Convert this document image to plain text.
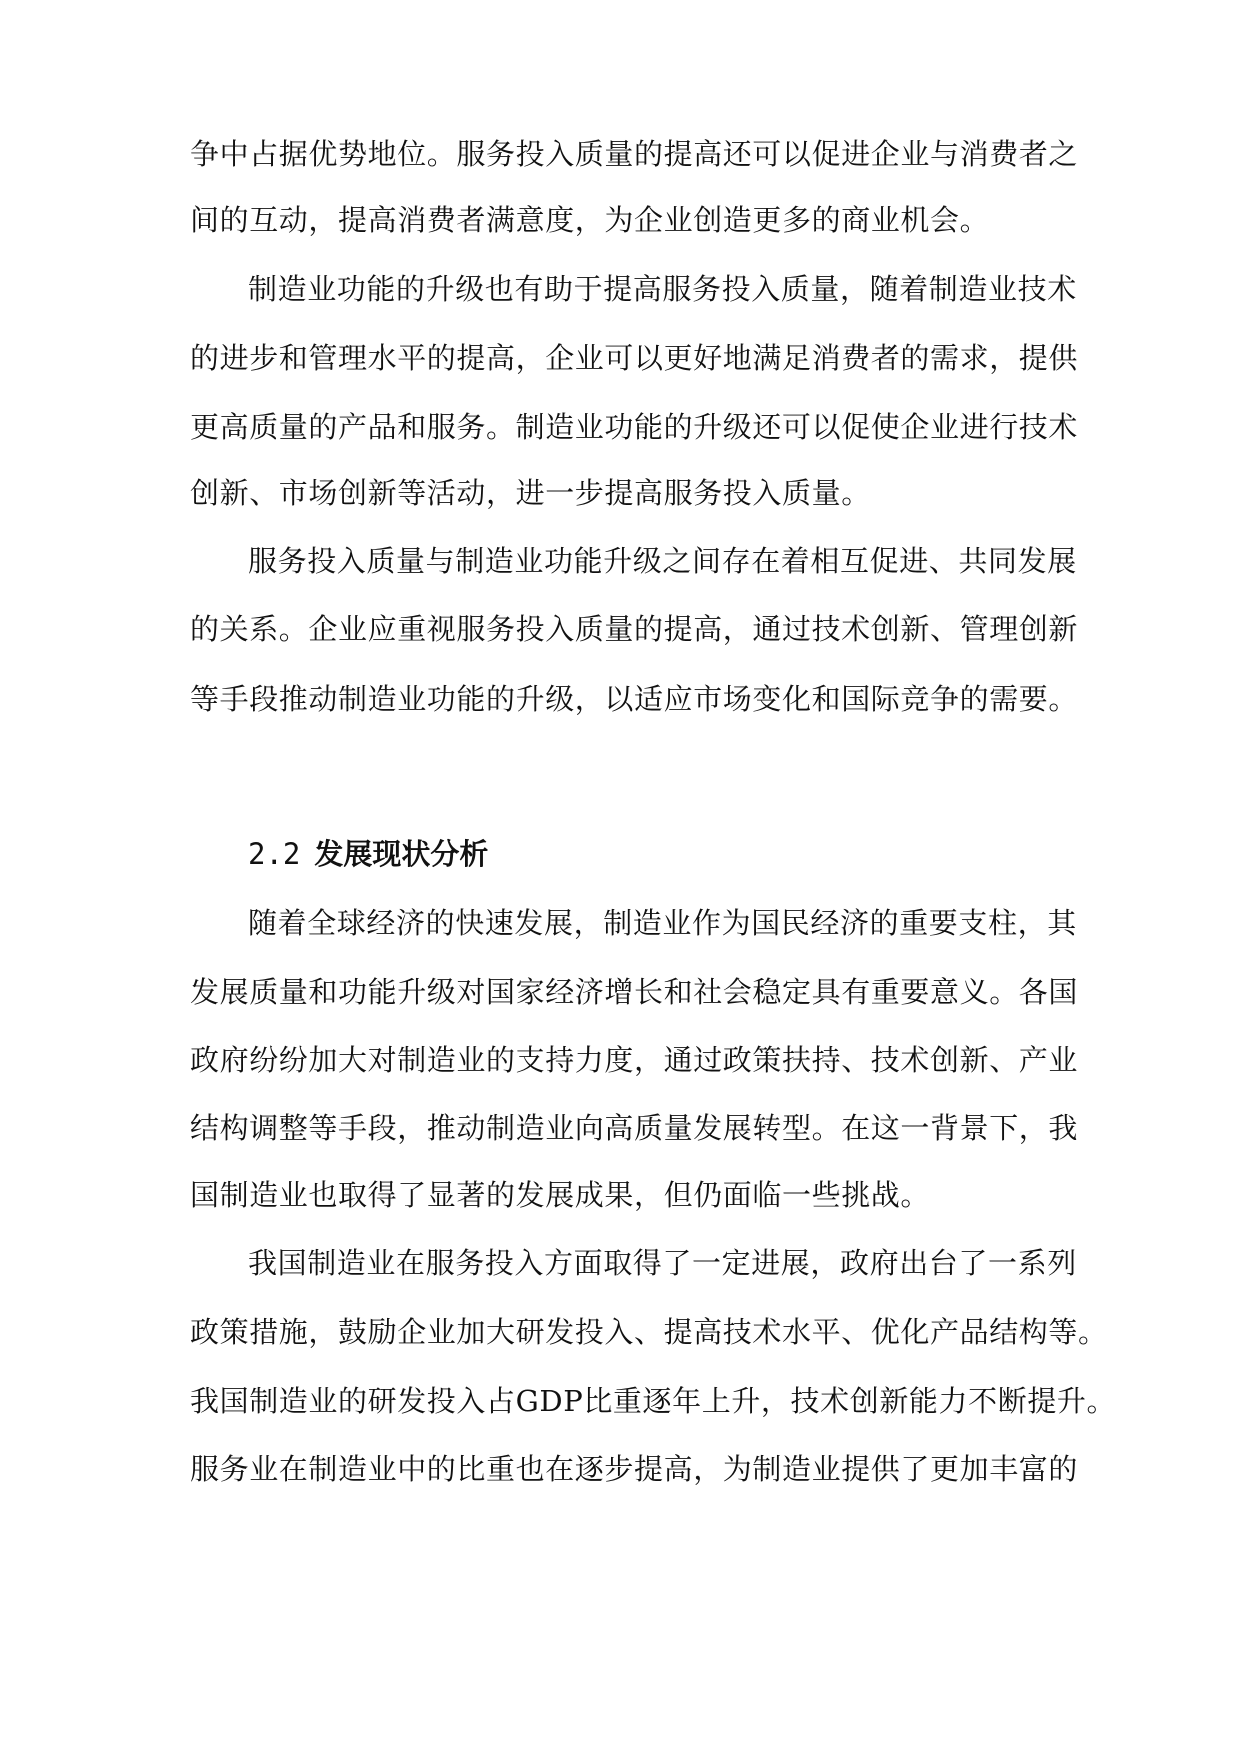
争中占据优势地位。服务投入质量的提高还可以促进企业与消费者之
间的互动，提高消费者满意度，为企业创造更多的商业机会。
制造业功能的升级也有助于提高服务投入质量，随着制造业技术
的进步和管理水平的提高，企业可以更好地满足消费者的需求，提供
更高质量的产品和服务。制造业功能的升级还可以促使企业进行技术
创新、市场创新等活动，进一步提高服务投入质量。
服务投入质量与制造业功能升级之间存在着相互促进、共同发展
的关系。企业应重视服务投入质量的提高，通过技术创新、管理创新
等手段推动制造业功能的升级，以适应市场变化和国际竞争的需要。
2.2 发展现状分析
随着全球经济的快速发展，制造业作为国民经济的重要支柱，其
发展质量和功能升级对国家经济增长和社会稳定具有重要意义。各国
政府纷纷加大对制造业的支持力度，通过政策扶持、技术创新、产业
结构调整等手段，推动制造业向高质量发展转型。在这一背景下，我
国制造业也取得了显著的发展成果，但仍面临一些挑战。
我国制造业在服务投入方面取得了一定进展，政府出台了一系列
政策措施，鼓励企业加大研发投入、提高技术水平、优化产品结构等。
我国制造业的研发投入占GDP比重逐年上升，技术创新能力不断提升。
服务业在制造业中的比重也在逐步提高，为制造业提供了更加丰富的
